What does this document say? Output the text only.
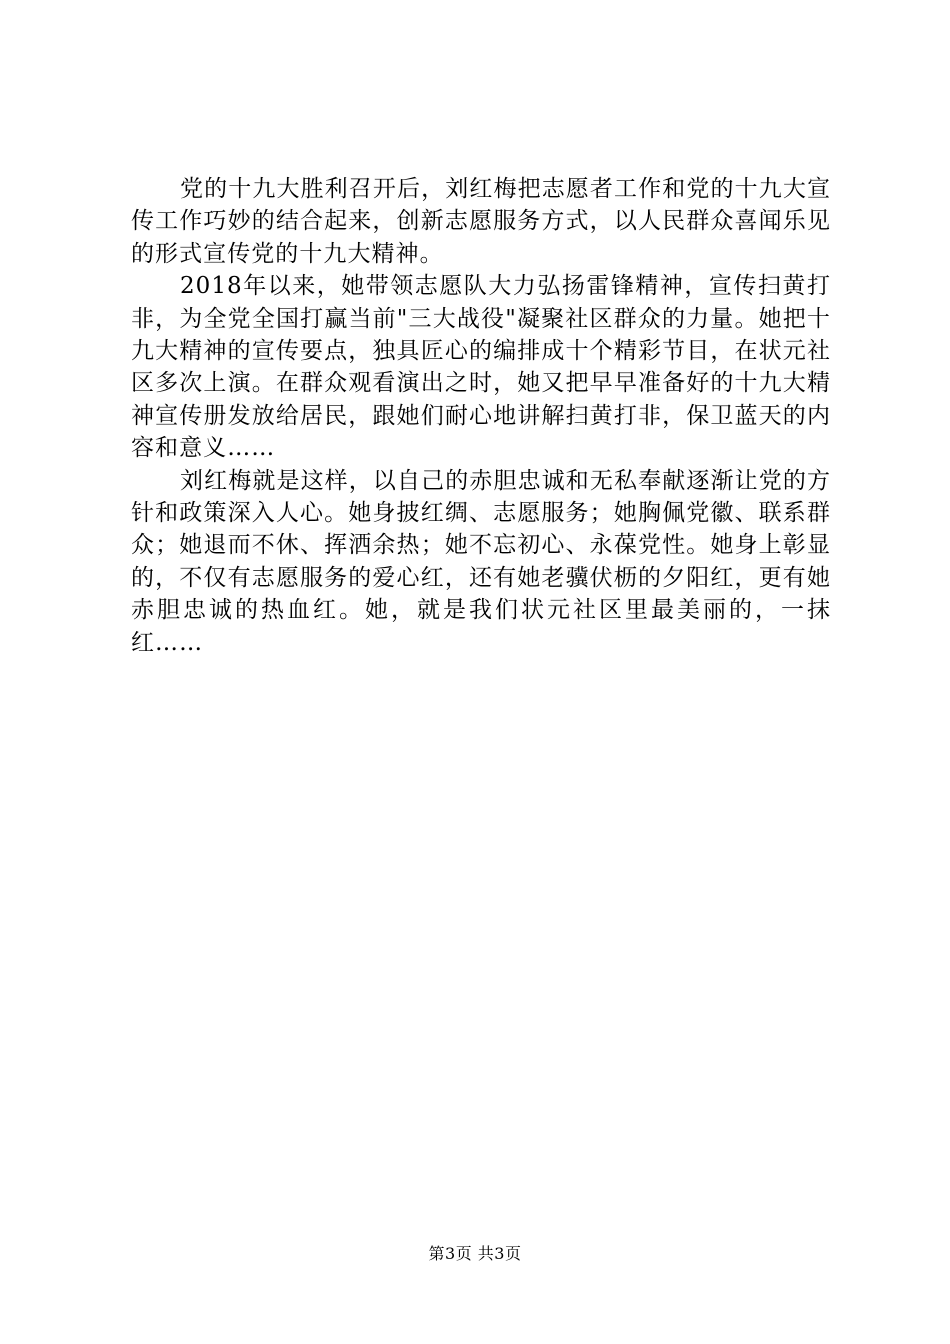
党的十九大胜利召开后，刘红梅把志愿者工作和党的十九大宣传工作巧妙的结合起来，创新志愿服务方式，以人民群众喜闻乐见的形式宣传党的十九大精神。

2018年以来，她带领志愿队大力弘扬雷锋精神，宣传扫黄打非，为全党全国打赢当前"三大战役"凝聚社区群众的力量。她把十九大精神的宣传要点，独具匠心的编排成十个精彩节目，在状元社区多次上演。在群众观看演出之时，她又把早早准备好的十九大精神宣传册发放给居民，跟她们耐心地讲解扫黄打非，保卫蓝天的内容和意义……

刘红梅就是这样，以自己的赤胆忠诚和无私奉献逐渐让党的方针和政策深入人心。她身披红绸、志愿服务；她胸佩党徽、联系群众；她退而不休、挥洒余热；她不忘初心、永葆党性。她身上彰显的，不仅有志愿服务的爱心红，还有她老骥伏枥的夕阳红，更有她赤胆忠诚的热血红。她，就是我们状元社区里最美丽的，一抹红……

第3页 共3页
